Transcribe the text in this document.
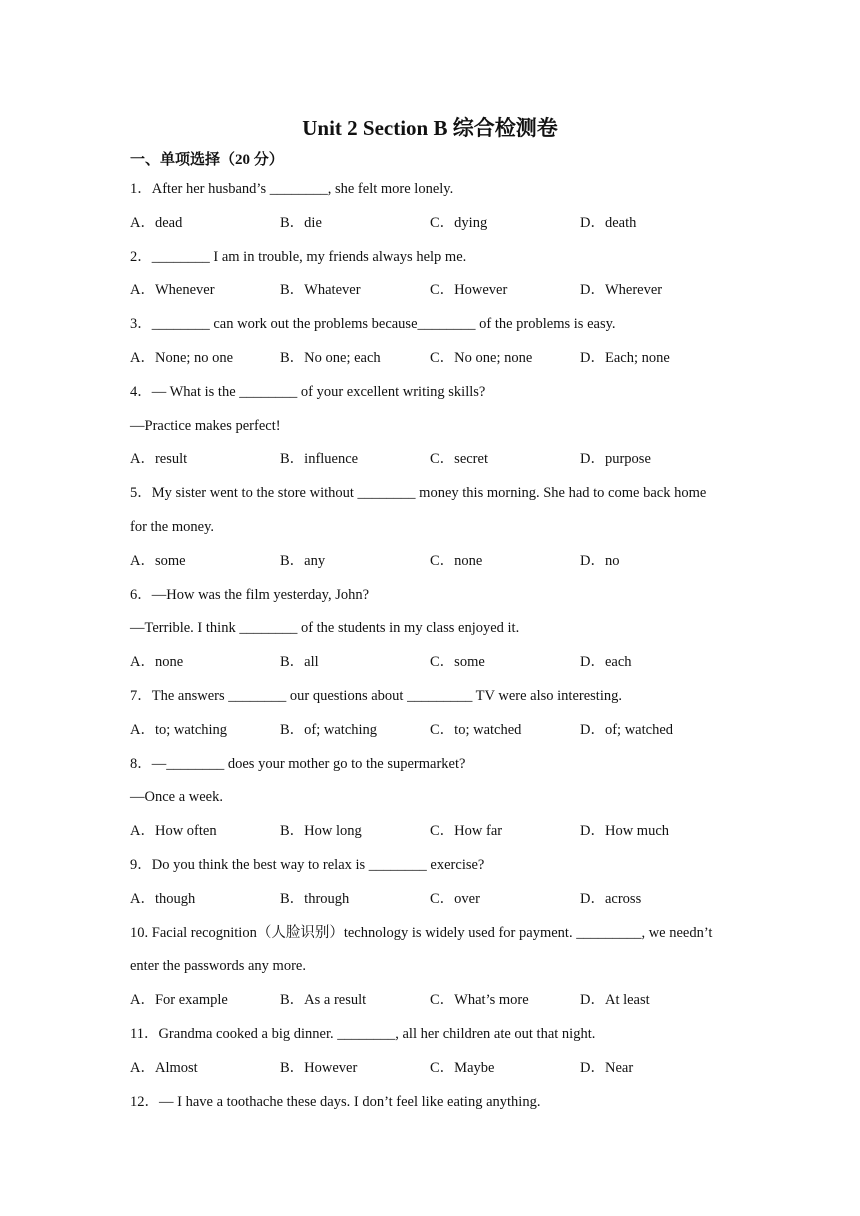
Unit 2 Section B 综合检测卷
一、单项选择（20 分）
1．After her husband’s ________, she felt more lonely.
A．dead	B．die	C．dying	D．death
2．________ I am in trouble, my friends always help me.
A．Whenever	B．Whatever	C．However	D．Wherever
3．________ can work out the problems because________ of the problems is easy.
A．None; no one	B．No one; each	C．No one; none	D．Each; none
4．— What is the ________ of your excellent writing skills?
—Practice makes perfect!
A．result	B．influence	C．secret	D．purpose
5．My sister went to the store without ________ money this morning. She had to come back home
for the money.
A．some	B．any	C．none	D．no
6．—How was the film yesterday, John?
—Terrible. I think ________ of the students in my class enjoyed it.
A．none	B．all	C．some	D．each
7．The answers ________ our questions about _________ TV were also interesting.
A．to; watching	B．of; watching	C．to; watched	D．of; watched
8．—________ does your mother go to the supermarket?
—Once a week.
A．How often	B．How long	C．How far	D．How much
9．Do you think the best way to relax is ________ exercise?
A．though	B．through	C．over	D．across
10. Facial recognition（人脸识别）technology is widely used for payment. _________, we needn’t
enter the passwords any more.
A．For example	B．As a result	C．What’s more	D．At least
11．Grandma cooked a big dinner. ________, all her children ate out that night.
A．Almost	B．However	C．Maybe	D．Near
12．— I have a toothache these days. I don’t feel like eating anything.
